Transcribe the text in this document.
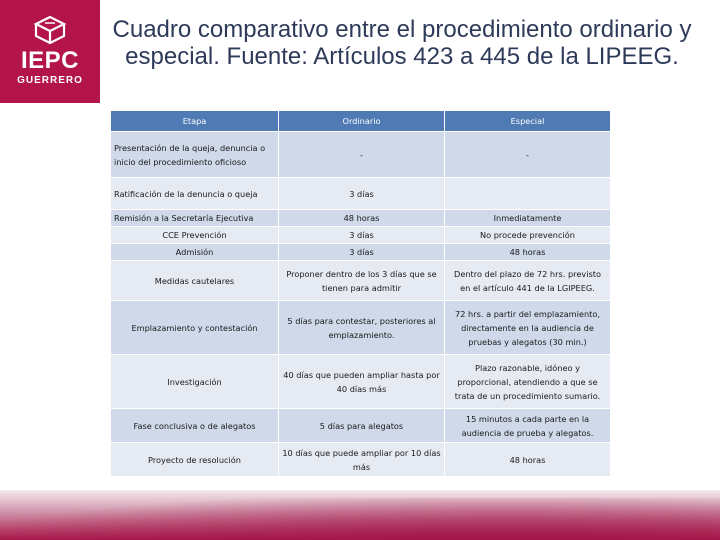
IEPC
GUERRERO
Cuadro comparativo entre el procedimiento ordinario y especial. Fuente: Artículos 423 a 445 de la LIPEEG.
Etapa	Ordinario	Especial
Presentación de la queja, denuncia o inicio del procedimiento oficioso	-	-
Ratificación de la denuncia o queja	3 días	
Remisión a la Secretaría Ejecutiva	48 horas	Inmediatamente
CCE Prevención	3 días	No procede prevención
Admisión	3 días	48 horas
Medidas cautelares	Proponer dentro de los 3 días que se tienen para admitir	Dentro del plazo de 72 hrs. previsto en el artículo 441 de la LGIPEEG.
Emplazamiento y contestación	5 días para contestar, posteriores al emplazamiento.	72 hrs. a partir del emplazamiento, directamente en la audiencia de pruebas y alegatos (30 min.)
Investigación	40 días que pueden ampliar hasta por 40 días más	Plazo razonable, idóneo y proporcional, atendiendo a que se trata de un procedimiento sumario.
Fase conclusiva o de alegatos	5 días para alegatos	15 minutos a cada parte en la audiencia de prueba y alegatos.
Proyecto de resolución	10 días que puede ampliar por 10 días más	48 horas
